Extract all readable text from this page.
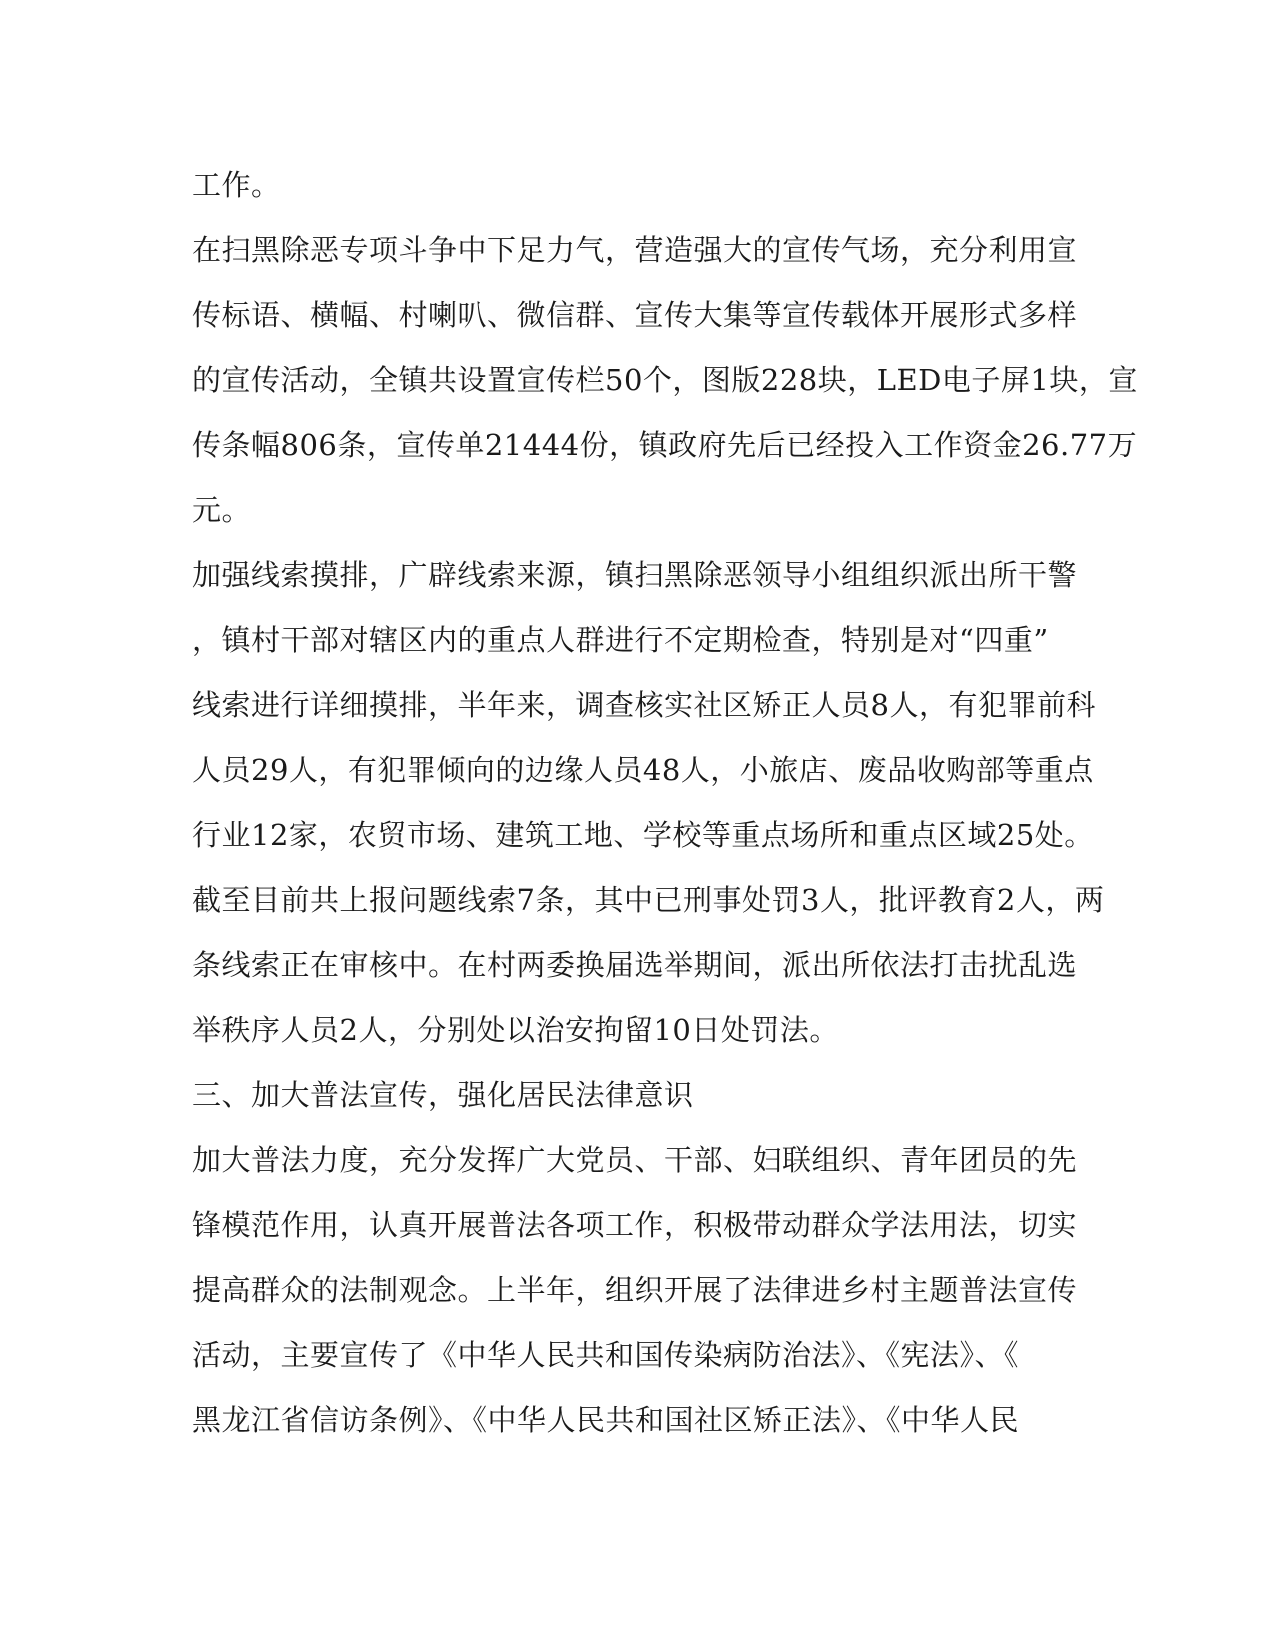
工作。
在扫黑除恶专项斗争中下足力气，营造强大的宣传气场，充分利用宣
传标语、横幅、村喇叭、微信群、宣传大集等宣传载体开展形式多样
的宣传活动，全镇共设置宣传栏50个，图版228块，LED电子屏1块，宣
传条幅806条，宣传单21444份，镇政府先后已经投入工作资金26.77万
元。
加强线索摸排，广辟线索来源，镇扫黑除恶领导小组组织派出所干警
，镇村干部对辖区内的重点人群进行不定期检查，特别是对“四重”
线索进行详细摸排，半年来，调查核实社区矫正人员8人，有犯罪前科
人员29人，有犯罪倾向的边缘人员48人，小旅店、废品收购部等重点
行业12家，农贸市场、建筑工地、学校等重点场所和重点区域25处。
截至目前共上报问题线索7条，其中已刑事处罚3人，批评教育2人，两
条线索正在审核中。在村两委换届选举期间，派出所依法打击扰乱选
举秩序人员2人，分别处以治安拘留10日处罚法。
三、加大普法宣传，强化居民法律意识
加大普法力度，充分发挥广大党员、干部、妇联组织、青年团员的先
锋模范作用，认真开展普法各项工作，积极带动群众学法用法，切实
提高群众的法制观念。上半年，组织开展了法律进乡村主题普法宣传
活动，主要宣传了《中华人民共和国传染病防治法》、《宪法》、《
黑龙江省信访条例》、《中华人民共和国社区矫正法》、《中华人民
